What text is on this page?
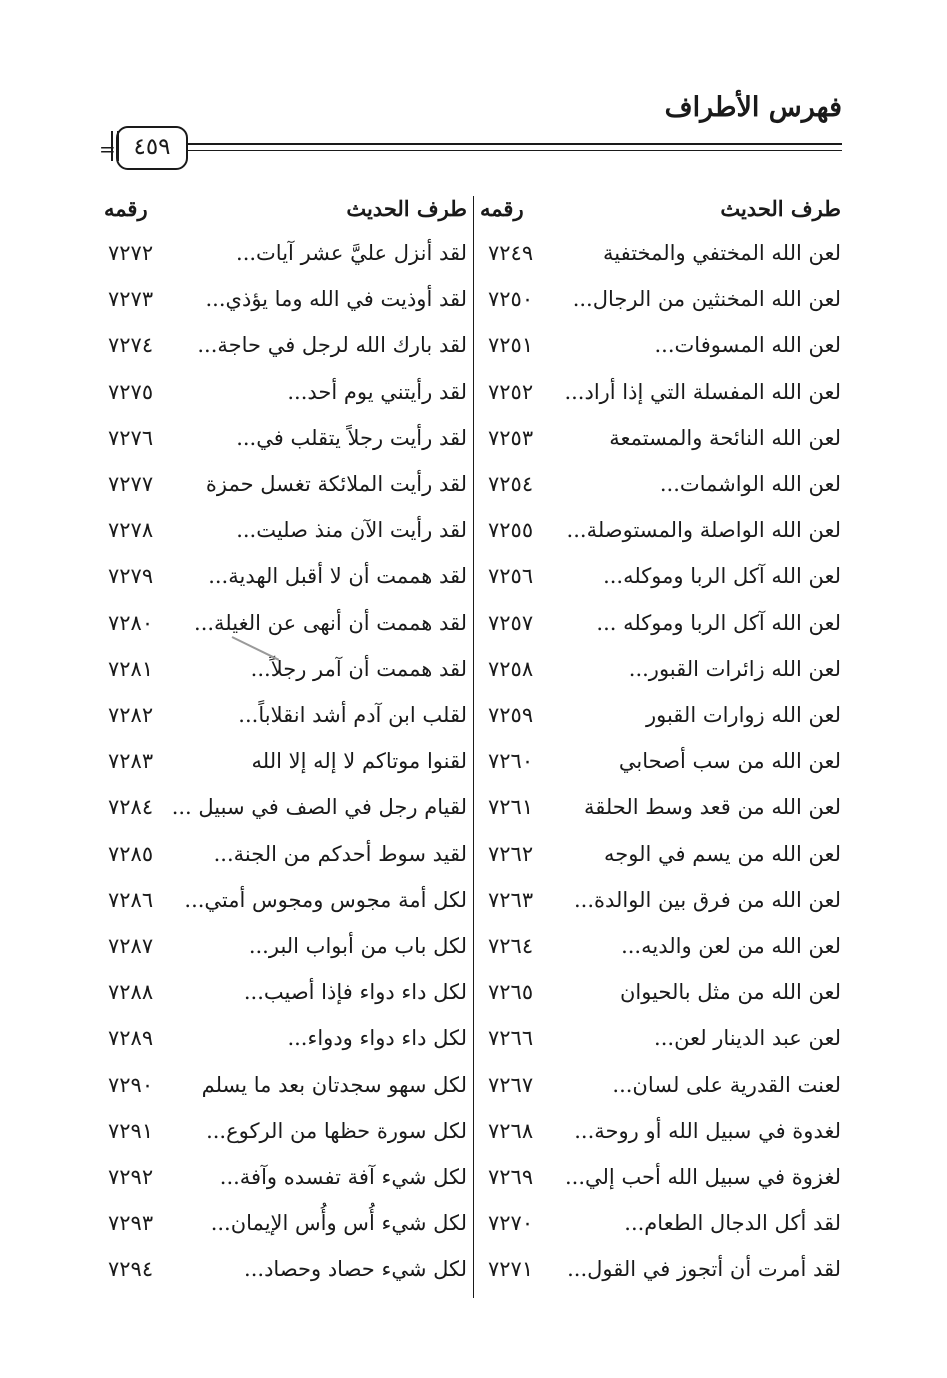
فهرس الأطراف
= ٤٥٩
طرف الحديث
رقمه
طرف الحديث
رقمه
لعن الله المختفي والمختفية
٧٢٤٩
لعن الله المخنثين من الرجال...
٧٢٥٠
لعن الله المسوفات...
٧٢٥١
لعن الله المفسلة التي إذا أراد...
٧٢٥٢
لعن الله النائحة والمستمعة
٧٢٥٣
لعن الله الواشمات...
٧٢٥٤
لعن الله الواصلة والمستوصلة...
٧٢٥٥
لعن الله آكل الربا وموكله...
٧٢٥٦
لعن الله آكل الربا وموكله ...
٧٢٥٧
لعن الله زائرات القبور...
٧٢٥٨
لعن الله زوارات القبور
٧٢٥٩
لعن الله من سب أصحابي
٧٢٦٠
لعن الله من قعد وسط الحلقة
٧٢٦١
لعن الله من يسم في الوجه
٧٢٦٢
لعن الله من فرق بين الوالدة...
٧٢٦٣
لعن الله من لعن والديه...
٧٢٦٤
لعن الله من مثل بالحيوان
٧٢٦٥
لعن عبد الدينار لعن...
٧٢٦٦
لعنت القدرية على لسان...
٧٢٦٧
لغدوة في سبيل الله أو روحة...
٧٢٦٨
لغزوة في سبيل الله أحب إلي...
٧٢٦٩
لقد أكل الدجال الطعام...
٧٢٧٠
لقد أمرت أن أتجوز في القول...
٧٢٧١
لقد أنزل عليَّ عشر آيات...
٧٢٧٢
لقد أوذيت في الله وما يؤذي...
٧٢٧٣
لقد بارك الله لرجل في حاجة...
٧٢٧٤
لقد رأيتني يوم أحد...
٧٢٧٥
لقد رأيت رجلاً يتقلب في...
٧٢٧٦
لقد رأيت الملائكة تغسل حمزة
٧٢٧٧
لقد رأيت الآن منذ صليت...
٧٢٧٨
لقد هممت أن لا أقبل الهدية...
٧٢٧٩
لقد هممت أن أنهى عن الغيلة...
٧٢٨٠
لقد هممت أن آمر رجلاً...
٧٢٨١
لقلب ابن آدم أشد انقلاباً...
٧٢٨٢
لقنوا موتاكم لا إله إلا الله
٧٢٨٣
لقيام رجل في الصف في سبيل ...
٧٢٨٤
لقيد سوط أحدكم من الجنة...
٧٢٨٥
لكل أمة مجوس ومجوس أمتي...
٧٢٨٦
لكل باب من أبواب البر...
٧٢٨٧
لكل داء دواء فإذا أصيب...
٧٢٨٨
لكل داء دواء ودواء...
٧٢٨٩
لكل سهو سجدتان بعد ما يسلم
٧٢٩٠
لكل سورة حظها من الركوع...
٧٢٩١
لكل شيء آفة تفسده وآفة...
٧٢٩٢
لكل شيء أُس وأُس الإيمان...
٧٢٩٣
لكل شيء حصاد وحصاد...
٧٢٩٤
